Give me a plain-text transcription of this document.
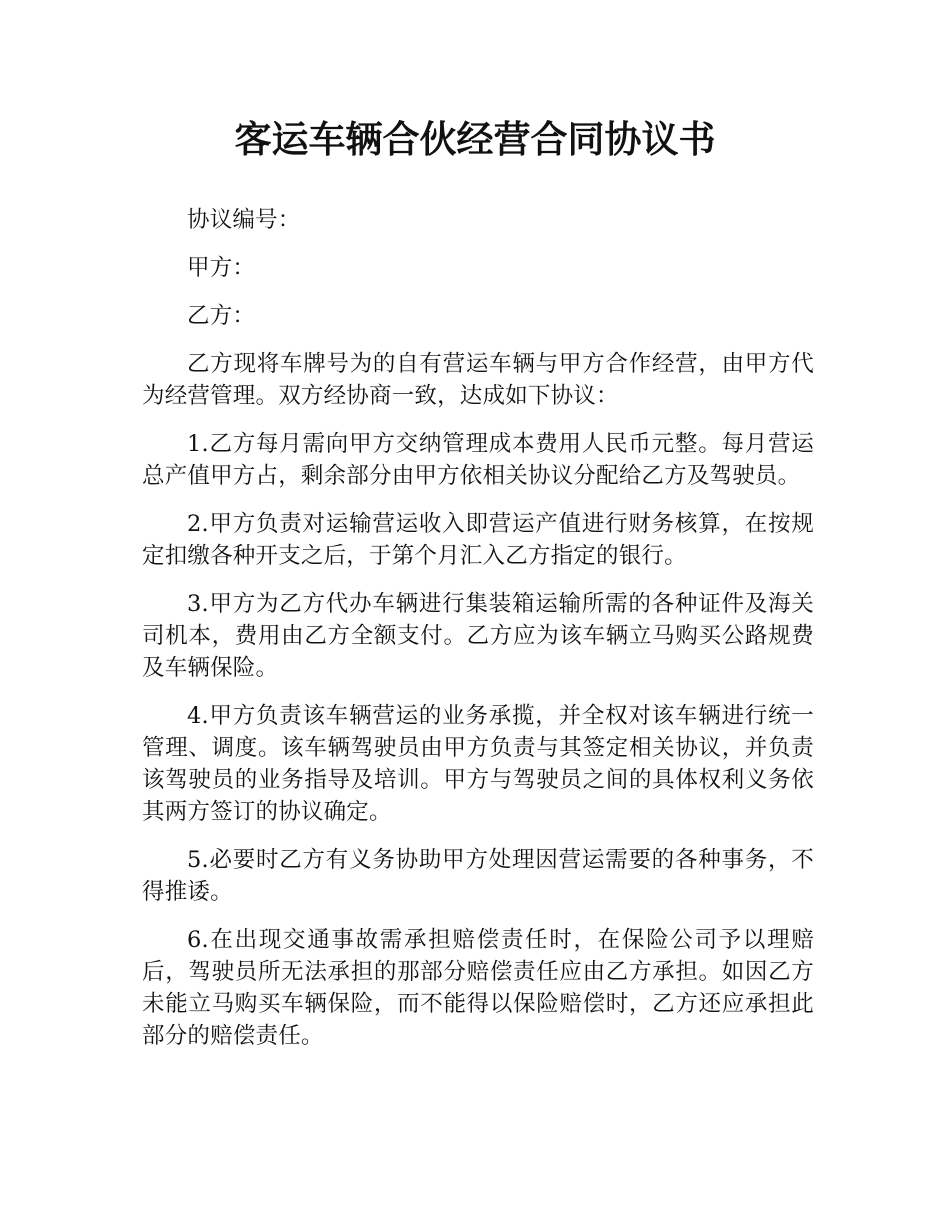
客运车辆合伙经营合同协议书

协议编号：

甲方：

乙方：

乙方现将车牌号为的自有营运车辆与甲方合作经营，由甲方代为经营管理。双方经协商一致，达成如下协议：

1.乙方每月需向甲方交纳管理成本费用人民币元整。每月营运总产值甲方占，剩余部分由甲方依相关协议分配给乙方及驾驶员。

2.甲方负责对运输营运收入即营运产值进行财务核算，在按规定扣缴各种开支之后，于第个月汇入乙方指定的银行。

3.甲方为乙方代办车辆进行集装箱运输所需的各种证件及海关司机本，费用由乙方全额支付。乙方应为该车辆立马购买公路规费及车辆保险。

4.甲方负责该车辆营运的业务承揽，并全权对该车辆进行统一管理、调度。该车辆驾驶员由甲方负责与其签定相关协议，并负责该驾驶员的业务指导及培训。甲方与驾驶员之间的具体权利义务依其两方签订的协议确定。

5.必要时乙方有义务协助甲方处理因营运需要的各种事务，不得推诿。

6.在出现交通事故需承担赔偿责任时，在保险公司予以理赔后，驾驶员所无法承担的那部分赔偿责任应由乙方承担。如因乙方未能立马购买车辆保险，而不能得以保险赔偿时，乙方还应承担此部分的赔偿责任。
